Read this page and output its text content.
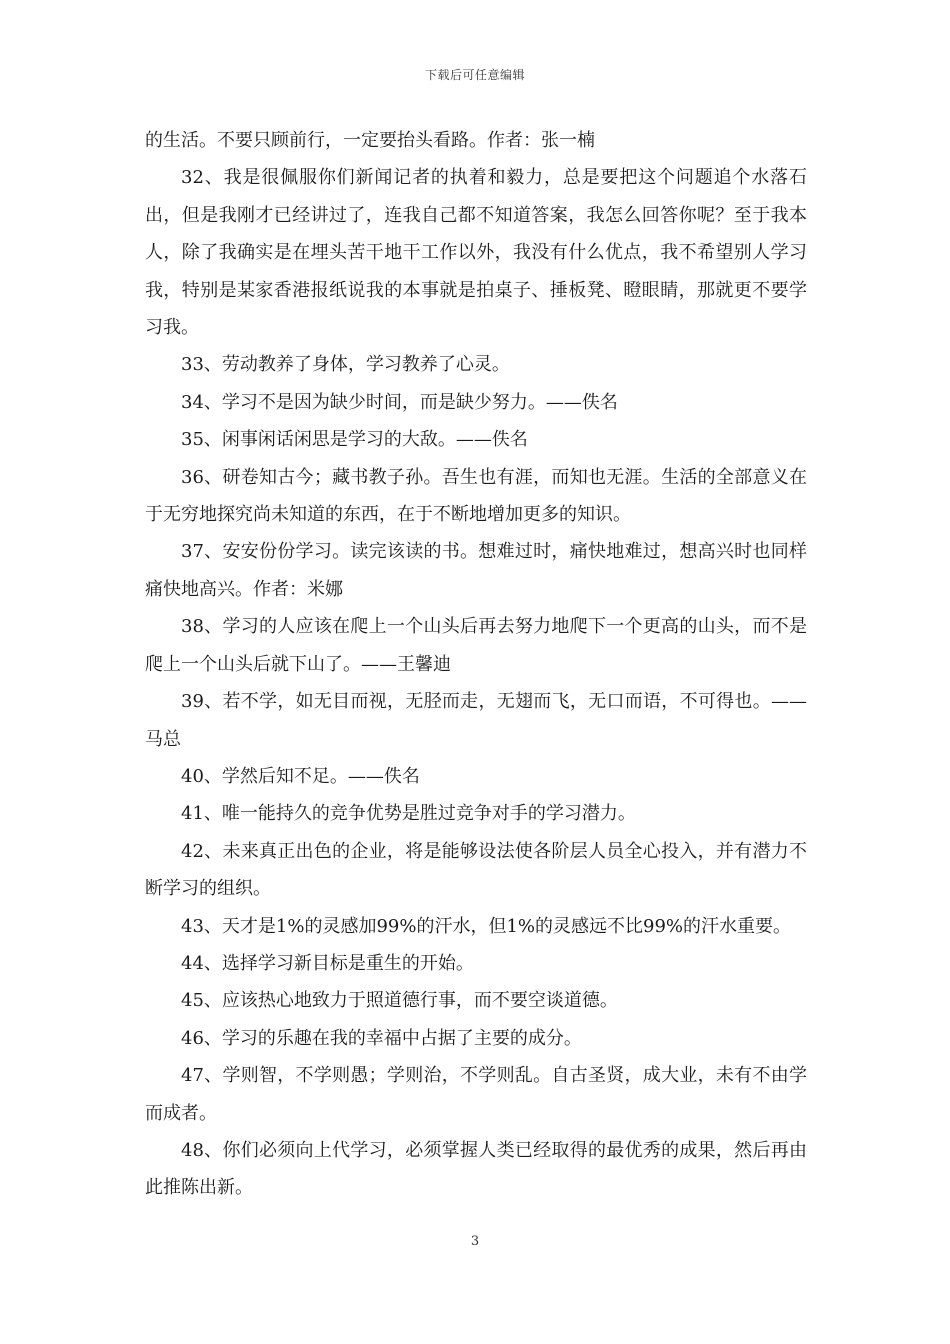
下载后可任意编辑

的生活。不要只顾前行，一定要抬头看路。作者：张一楠

32、我是很佩服你们新闻记者的执着和毅力，总是要把这个问题追个水落石出，但是我刚才已经讲过了，连我自己都不知道答案，我怎么回答你呢？至于我本人，除了我确实是在埋头苦干地干工作以外，我没有什么优点，我不希望别人学习我，特别是某家香港报纸说我的本事就是拍桌子、捶板凳、瞪眼睛，那就更不要学习我。

33、劳动教养了身体，学习教养了心灵。

34、学习不是因为缺少时间，而是缺少努力。——佚名

35、闲事闲话闲思是学习的大敌。——佚名

36、研卷知古今；藏书教子孙。吾生也有涯，而知也无涯。生活的全部意义在于无穷地探究尚未知道的东西，在于不断地增加更多的知识。

37、安安份份学习。读完该读的书。想难过时，痛快地难过，想高兴时也同样痛快地高兴。作者：米娜

38、学习的人应该在爬上一个山头后再去努力地爬下一个更高的山头，而不是爬上一个山头后就下山了。——王馨迪

39、若不学，如无目而视，无胫而走，无翅而飞，无口而语，不可得也。——马总

40、学然后知不足。——佚名

41、唯一能持久的竞争优势是胜过竞争对手的学习潜力。

42、未来真正出色的企业，将是能够设法使各阶层人员全心投入，并有潜力不断学习的组织。

43、天才是1%的灵感加99%的汗水，但1%的灵感远不比99%的汗水重要。

44、选择学习新目标是重生的开始。

45、应该热心地致力于照道德行事，而不要空谈道德。

46、学习的乐趣在我的幸福中占据了主要的成分。

47、学则智，不学则愚；学则治，不学则乱。自古圣贤，成大业，未有不由学而成者。

48、你们必须向上代学习，必须掌握人类已经取得的最优秀的成果，然后再由此推陈出新。

3
